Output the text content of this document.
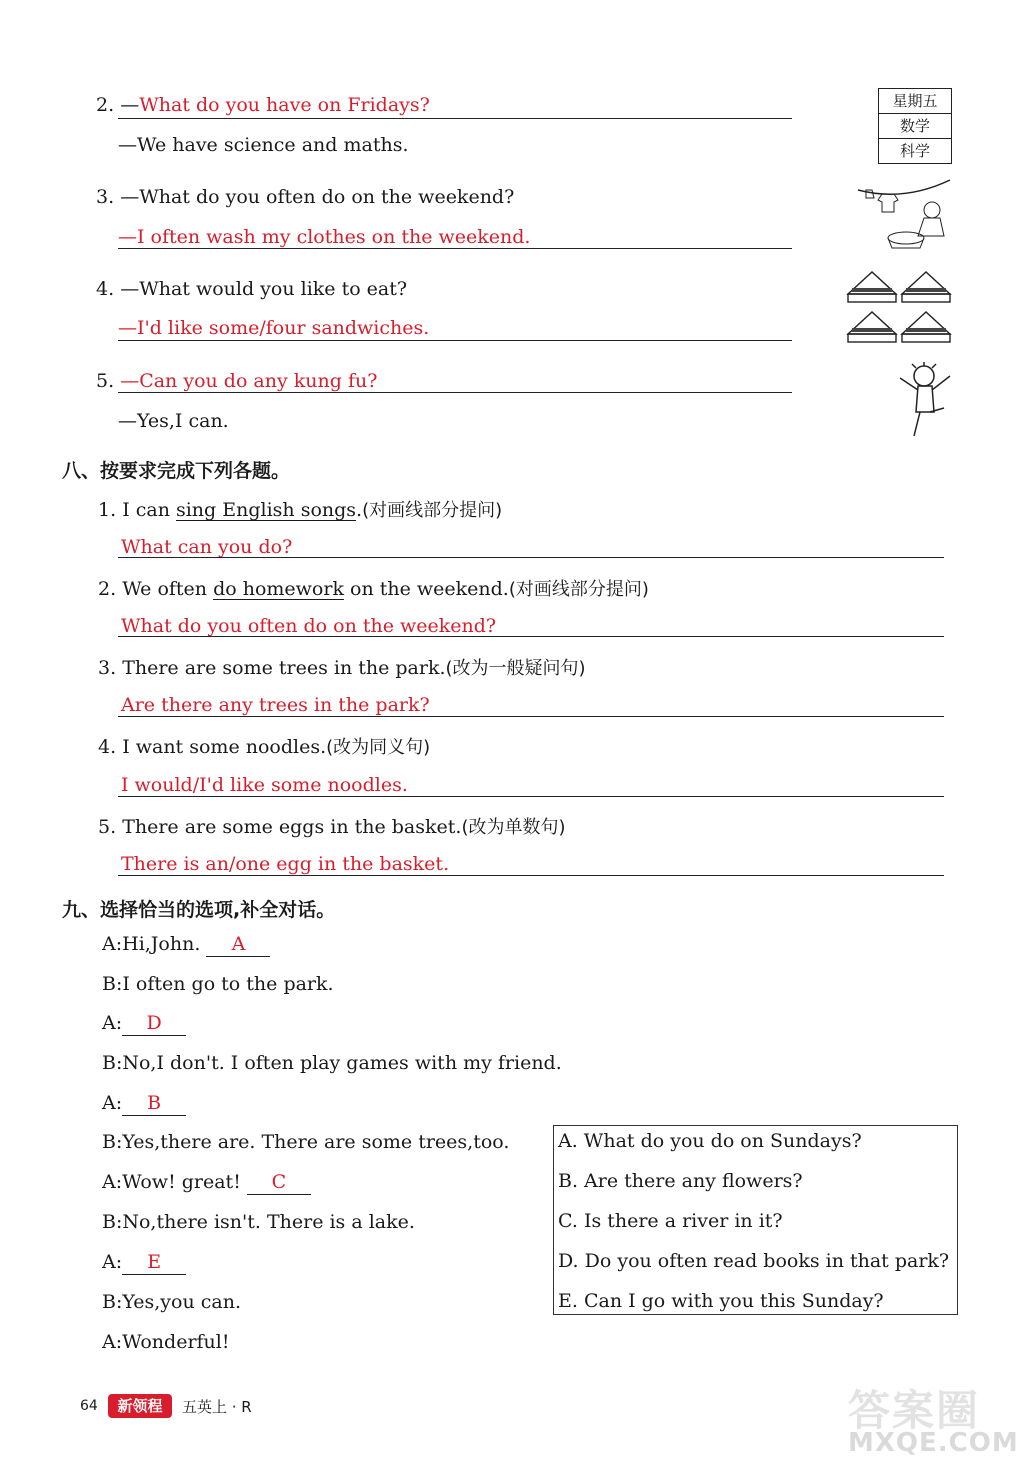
2. —What do you have on Fridays?
—We have science and maths.
星期五
数学
科学
3. —What do you often do on the weekend?
—I often wash my clothes on the weekend.
4. —What would you like to eat?
—I'd like some/four sandwiches.
5. —Can you do any kung fu?
—Yes,I can.
八、按要求完成下列各题。
1. I can sing English songs.(对画线部分提问)
What can you do?
2. We often do homework on the weekend.(对画线部分提问)
What do you often do on the weekend?
3. There are some trees in the park.(改为一般疑问句)
Are there any trees in the park?
4. I want some noodles.(改为同义句)
I would/I'd like some noodles.
5. There are some eggs in the basket.(改为单数句)
There is an/one egg in the basket.
九、选择恰当的选项,补全对话。
A:Hi,John. A
B:I often go to the park.
A: D
B:No,I don't. I often play games with my friend.
A: B
B:Yes,there are. There are some trees,too.
A:Wow! great! C
B:No,there isn't. There is a lake.
A: E
B:Yes,you can.
A:Wonderful!
A. What do you do on Sundays?
B. Are there any flowers?
C. Is there a river in it?
D. Do you often read books in that park?
E. Can I go with you this Sunday?
64	新领程	五英上 · R	答案圈
MXQE.COM
